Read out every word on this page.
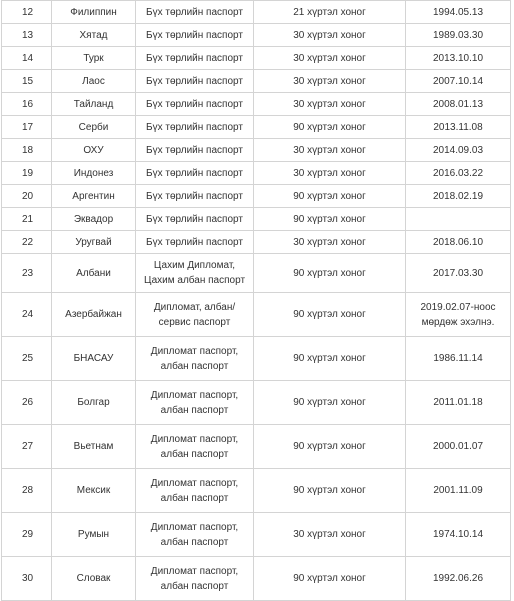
12	Филиппин	Бүх төрлийн паспорт	21 хүртэл хоног	1994.05.13

13	Хятад	Бүх төрлийн паспорт	30 хүртэл хоног	1989.03.30

14	Турк	Бүх төрлийн паспорт	30 хүртэл хоног	2013.10.10

15	Лаос	Бүх төрлийн паспорт	30 хүртэл хоног	2007.10.14

16	Тайланд	Бүх төрлийн паспорт	30 хүртэл хоног	2008.01.13

17	Серби	Бүх төрлийн паспорт	90 хүртэл хоног	2013.11.08

18	ОХУ	Бүх төрлийн паспорт	30 хүртэл хоног	2014.09.03

19	Индонез	Бүх төрлийн паспорт	30 хүртэл хоног	2016.03.22

20	Аргентин	Бүх төрлийн паспорт	90 хүртэл хоног	2018.02.19

21	Эквадор	Бүх төрлийн паспорт	90 хүртэл хоног	

22	Уругвай	Бүх төрлийн паспорт	30 хүртэл хоног	2018.06.10

23	Албани	Цахим Дипломат,
Цахим албан паспорт	90 хүртэл хоног	2017.03.30

24	Азербайжан	Дипломат, албан/
сервис паспорт	90 хүртэл хоног	2019.02.07-ноос
мөрдөж эхэлнэ.

25	БНАСАУ	Дипломат паспорт,
албан паспорт	90 хүртэл хоног	1986.11.14

26	Болгар	Дипломат паспорт,
албан паспорт	90 хүртэл хоног	2011.01.18

27	Вьетнам	Дипломат паспорт,
албан паспорт	90 хүртэл хоног	2000.01.07

28	Мексик	Дипломат паспорт,
албан паспорт	90 хүртэл хоног	2001.11.09

29	Румын	Дипломат паспорт,
албан паспорт	30 хүртэл хоног	1974.10.14

30	Словак	Дипломат паспорт,
албан паспорт	90 хүртэл хоног	1992.06.26
